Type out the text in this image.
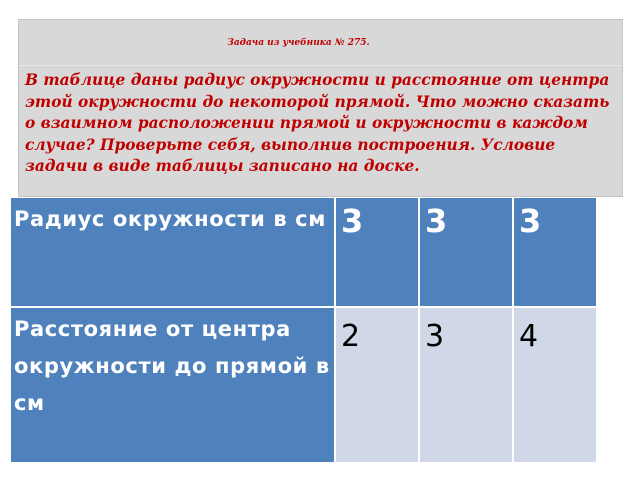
Задача из учебника № 275.

В таблице даны радиус окружности и расстояние от центра этой окружности до некоторой прямой. Что можно сказать о взаимном расположении прямой и окружности в каждом случае? Проверьте себя, выполнив построения. Условие задачи в виде таблицы записано на доске.

Радиус окружности в см	3	3	3
Расстояние от центра окружности до прямой в см	2	3	4
